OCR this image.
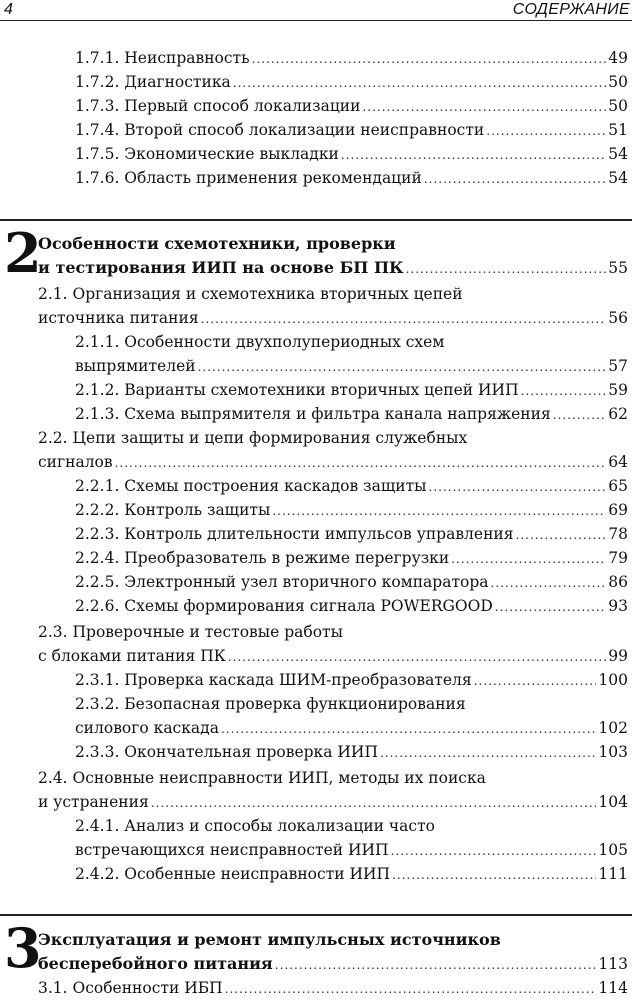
4	СОДЕРЖАНИЕ
1.7.1. Неисправность .....	49
1.7.2. Диагностика .....	50
1.7.3. Первый способ локализации .....	50
1.7.4. Второй способ локализации неисправности .....	51
1.7.5. Экономические выкладки .....	54
1.7.6. Область применения рекомендаций .....	54
2
Особенности схемотехники, проверки
и тестирования ИИП на основе БП ПК .....	55
2.1. Организация и схемотехника вторичных цепей
источника питания .....	56
2.1.1. Особенности двухполупериодных схем
выпрямителей .....	57
2.1.2. Варианты схемотехники вторичных цепей ИИП .....	59
2.1.3. Схема выпрямителя и фильтра канала напряжения .....	62
2.2. Цепи защиты и цепи формирования служебных
сигналов .....	64
2.2.1. Схемы построения каскадов защиты .....	65
2.2.2. Контроль защиты .....	69
2.2.3. Контроль длительности импульсов управления .....	78
2.2.4. Преобразователь в режиме перегрузки .....	79
2.2.5. Электронный узел вторичного компаратора .....	86
2.2.6. Схемы формирования сигнала POWERGOOD .....	93
2.3. Проверочные и тестовые работы
с блоками питания ПК .....	99
2.3.1. Проверка каскада ШИМ-преобразователя .....	100
2.3.2. Безопасная проверка функционирования
силового каскада .....	102
2.3.3. Окончательная проверка ИИП .....	103
2.4. Основные неисправности ИИП, методы их поиска
и устранения .....	104
2.4.1. Анализ и способы локализации часто
встречающихся неисправностей ИИП .....	105
2.4.2. Особенные неисправности ИИП .....	111
3
Эксплуатация и ремонт импульсных источников
бесперебойного питания .....	113
3.1. Особенности ИБП .....	114
